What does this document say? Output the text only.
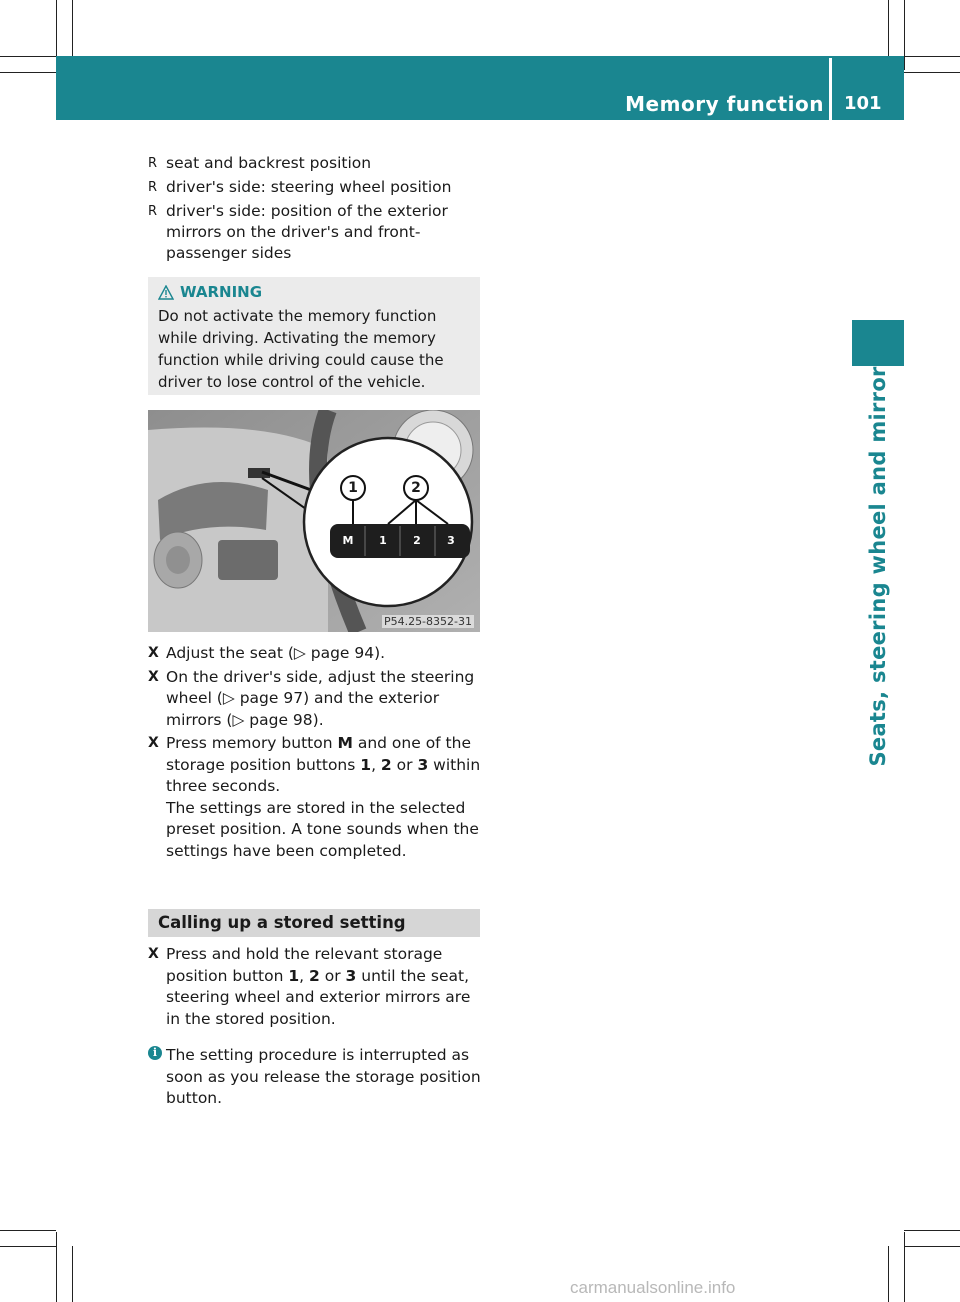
Memory function 101
Seats, steering wheel and mirrors
R seat and backrest position
R driver's side: steering wheel position
R driver's side: position of the exterior mirrors on the driver's and front-passenger sides
WARNING
Do not activate the memory function while driving. Activating the memory function while driving could cause the driver to lose control of the vehicle.
1	2
M	1	2	3
P54.25-8352-31
X Adjust the seat (▷ page 94).
X On the driver's side, adjust the steering wheel (▷ page 97) and the exterior mirrors (▷ page 98).
X Press memory button M and one of the storage position buttons 1, 2 or 3 within three seconds.
The settings are stored in the selected preset position. A tone sounds when the settings have been completed.
Calling up a stored setting
X Press and hold the relevant storage position button 1, 2 or 3 until the seat, steering wheel and exterior mirrors are in the stored position.
i The setting procedure is interrupted as soon as you release the storage position button.
carmanualsonline.info
